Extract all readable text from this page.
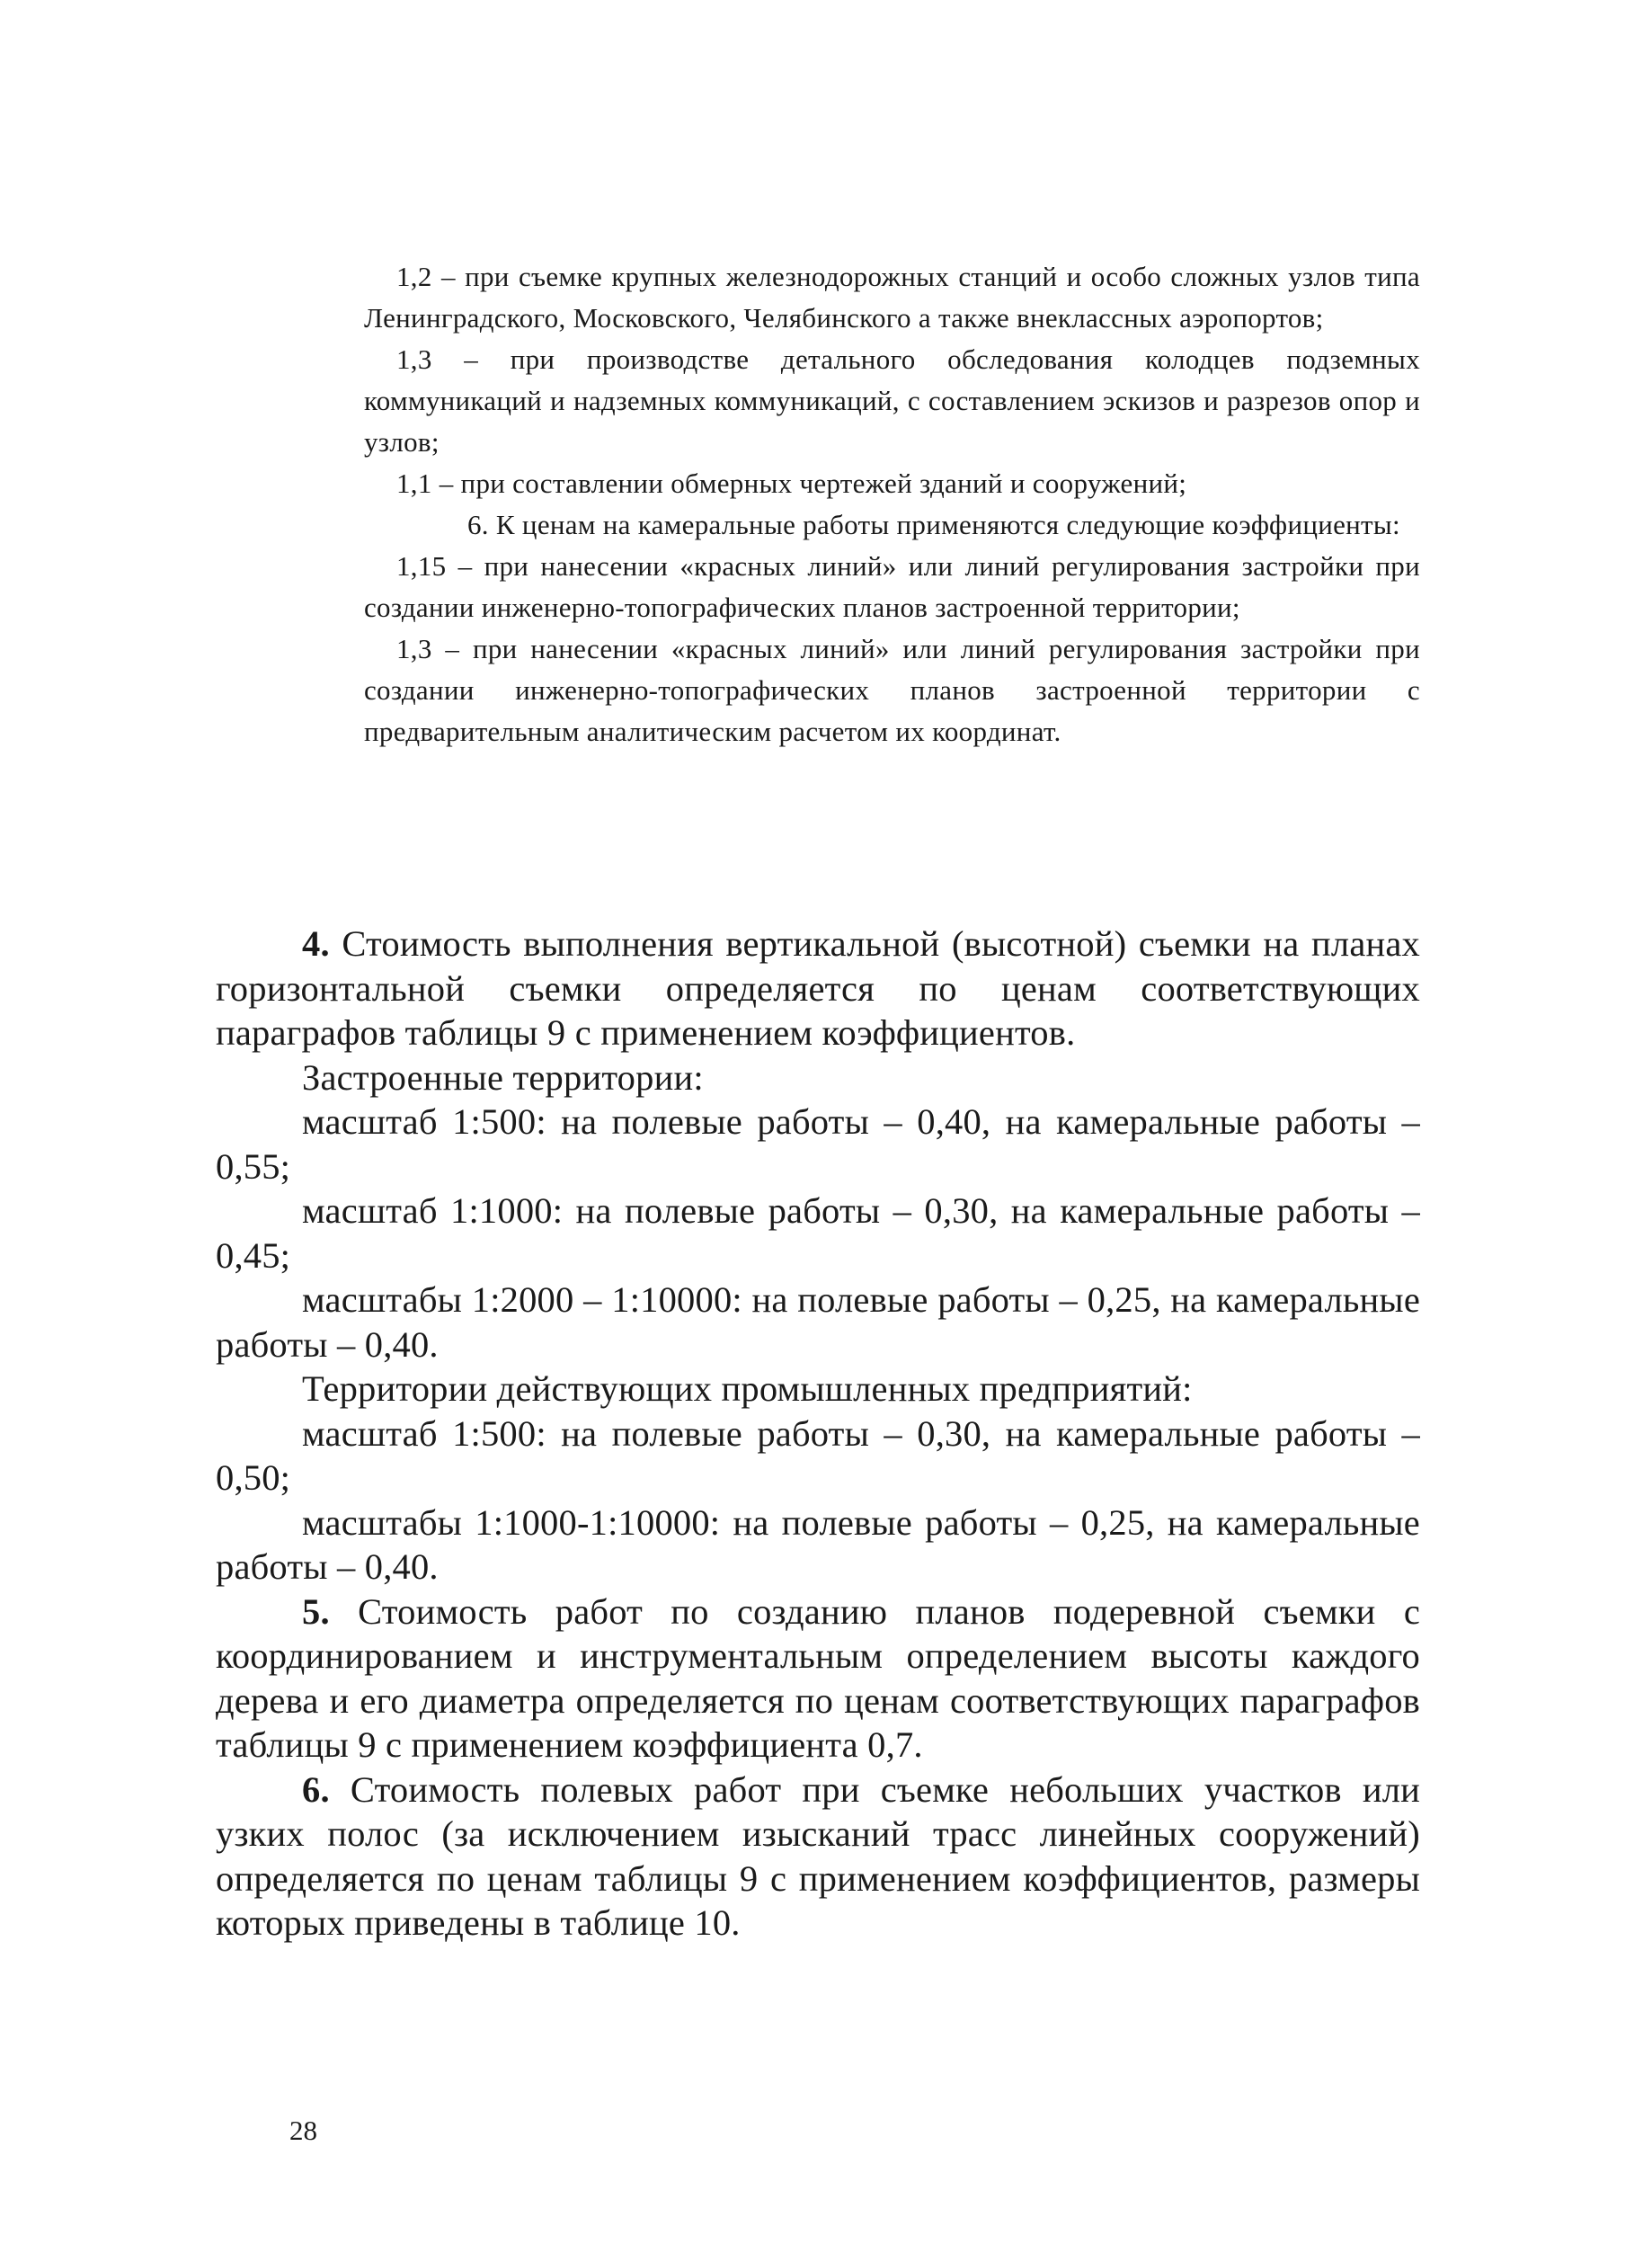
1,2 – при съемке крупных железнодорожных станций и особо сложных узлов типа Ленинградского, Московского, Челябинского а также внеклассных аэропортов;

1,3 – при производстве детального обследования колодцев подземных коммуникаций и надземных коммуникаций, с составлением эскизов и разрезов опор и узлов;

1,1 – при составлении обмерных чертежей зданий и сооружений;

6. К ценам на камеральные работы применяются следующие коэффициенты:

1,15 – при нанесении «красных линий» или линий регулирования застройки при создании инженерно-топографических планов застроенной территории;

1,3 – при нанесении «красных линий» или линий регулирования застройки при создании инженерно-топографических планов застроенной территории с предварительным аналитическим расчетом их координат.

4. Стоимость выполнения вертикальной (высотной) съемки на планах горизонтальной съемки определяется по ценам соответствующих параграфов таблицы 9 с применением коэффициентов.

Застроенные территории:

масштаб 1:500: на полевые работы – 0,40, на камеральные работы – 0,55;

масштаб 1:1000: на полевые работы – 0,30, на камеральные работы – 0,45;

масштабы 1:2000 – 1:10000: на полевые работы – 0,25, на камеральные работы – 0,40.

Территории действующих промышленных предприятий:

масштаб 1:500: на полевые работы – 0,30, на камеральные работы – 0,50;

масштабы 1:1000-1:10000: на полевые работы – 0,25, на камеральные работы – 0,40.

5. Стоимость работ по созданию планов подеревной съемки с координированием и инструментальным определением высоты каждого дерева и его диаметра определяется по ценам соответствующих параграфов таблицы 9 с применением коэффициента 0,7.

6. Стоимость полевых работ при съемке небольших участков или узких полос (за исключением изысканий трасс линейных сооружений) определяется по ценам таблицы 9 с применением коэффициентов, размеры которых приведены в таблице 10.

28
